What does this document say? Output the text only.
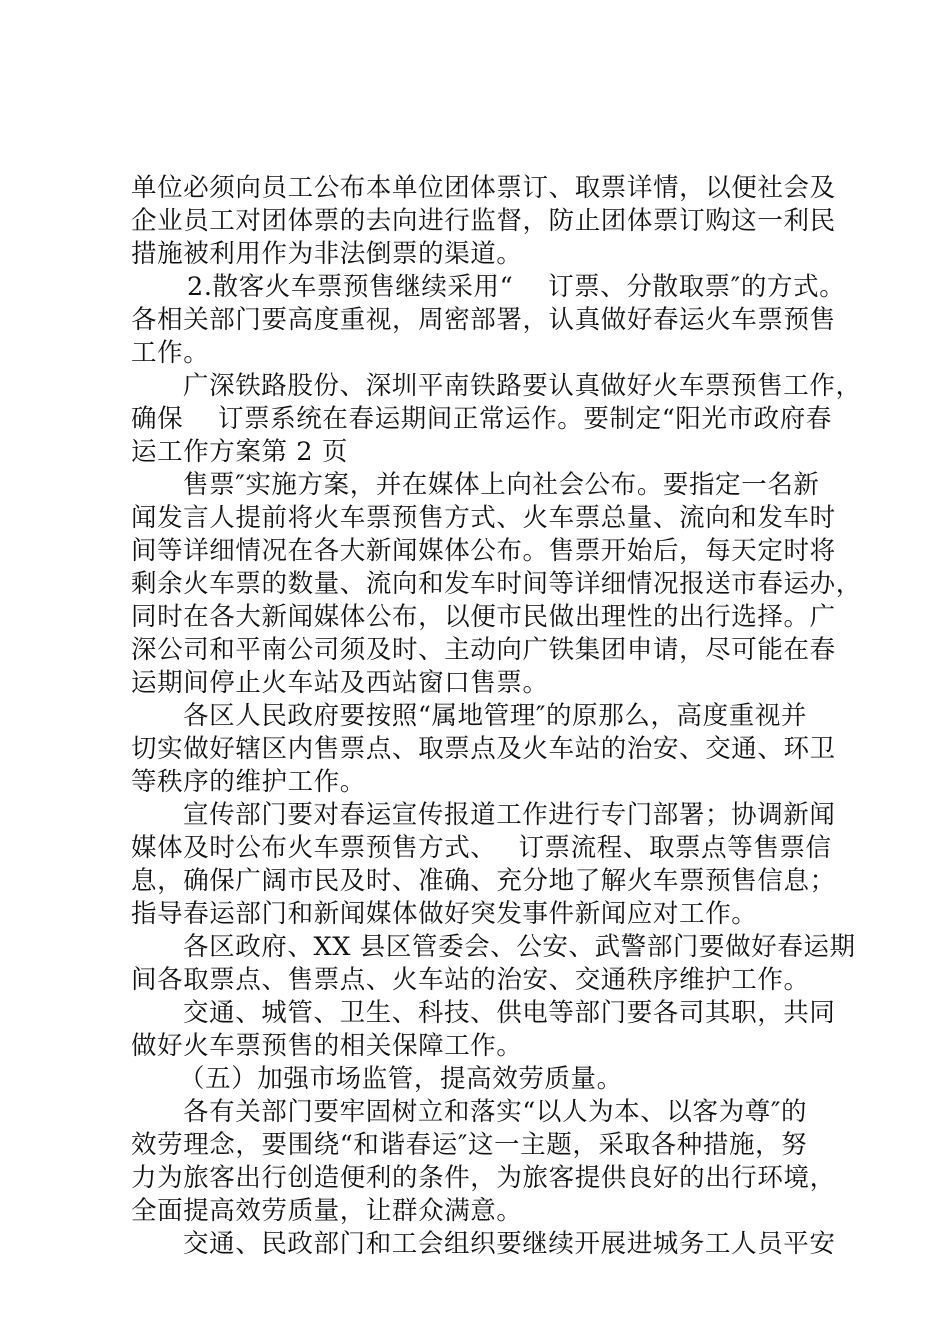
单位必须向员工公布本单位团体票订、取票详情，以便社会及
企业员工对团体票的去向进行监督，防止团体票订购这一利民
措施被利用作为非法倒票的渠道。
2.散客火车票预售继续采用“　 订票、分散取票″的方式。
各相关部门要高度重视，周密部署，认真做好春运火车票预售
工作。
广深铁路股份、深圳平南铁路要认真做好火车票预售工作，
确保　 订票系统在春运期间正常运作。要制定“阳光市政府春
运工作方案第 2 页
售票″实施方案，并在媒体上向社会公布。要指定一名新
闻发言人提前将火车票预售方式、火车票总量、流向和发车时
间等详细情况在各大新闻媒体公布。售票开始后，每天定时将
剩余火车票的数量、流向和发车时间等详细情况报送市春运办，
同时在各大新闻媒体公布，以便市民做出理性的出行选择。广
深公司和平南公司须及时、主动向广铁集团申请，尽可能在春
运期间停止火车站及西站窗口售票。
各区人民政府要按照“属地管理″的原那么，高度重视并
切实做好辖区内售票点、取票点及火车站的治安、交通、环卫
等秩序的维护工作。
宣传部门要对春运宣传报道工作进行专门部署；协调新闻
媒体及时公布火车票预售方式、　 订票流程、取票点等售票信
息，确保广阔市民及时、准确、充分地了解火车票预售信息；
指导春运部门和新闻媒体做好突发事件新闻应对工作。
各区政府、XX 县区管委会、公安、武警部门要做好春运期
间各取票点、售票点、火车站的治安、交通秩序维护工作。
交通、城管、卫生、科技、供电等部门要各司其职，共同
做好火车票预售的相关保障工作。
（五）加强市场监管，提高效劳质量。
各有关部门要牢固树立和落实“以人为本、以客为尊″的
效劳理念，要围绕“和谐春运″这一主题，采取各种措施，努
力为旅客出行创造便利的条件，为旅客提供良好的出行环境，
全面提高效劳质量，让群众满意。
交通、民政部门和工会组织要继续开展进城务工人员平安
